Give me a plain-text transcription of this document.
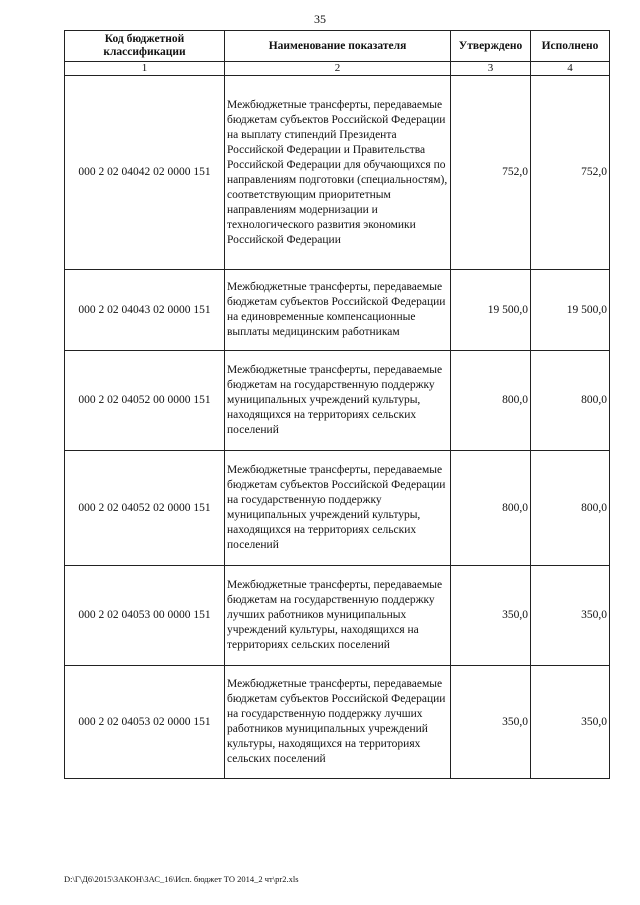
35
Код бюджетной классификации	Наименование показателя	Утверждено	Исполнено
1	2	3	4
000 2 02 04042 02 0000 151	Межбюджетные трансферты, передаваемые бюджетам субъектов Российской Федерации на выплату стипендий Президента Российской Федерации и Правительства Российской Федерации для обучающихся по направлениям подготовки (специальностям), соответствующим приоритетным направлениям модернизации и технологического развития экономики Российской Федерации	752,0	752,0
000 2 02 04043 02 0000 151	Межбюджетные трансферты, передаваемые бюджетам субъектов Российской Федерации на единовременные компенсационные выплаты медицинским работникам	19 500,0	19 500,0
000 2 02 04052 00 0000 151	Межбюджетные трансферты, передаваемые бюджетам на государственную поддержку муниципальных учреждений культуры, находящихся на территориях сельских поселений	800,0	800,0
000 2 02 04052 02 0000 151	Межбюджетные трансферты, передаваемые бюджетам субъектов Российской Федерации на государственную поддержку муниципальных учреждений культуры, находящихся на территориях сельских поселений	800,0	800,0
000 2 02 04053 00 0000 151	Межбюджетные трансферты, передаваемые бюджетам на государственную поддержку лучших работников муниципальных учреждений культуры, находящихся на территориях сельских поселений	350,0	350,0
000 2 02 04053 02 0000 151	Межбюджетные трансферты, передаваемые бюджетам субъектов Российской Федерации на государственную поддержку лучших работников муниципальных учреждений культуры, находящихся на территориях сельских поселений	350,0	350,0
D:\Г\Д6\2015\ЗАКОН\ЗАС_16\Исп. бюджет ТО 2014_2 чт\pr2.xls
